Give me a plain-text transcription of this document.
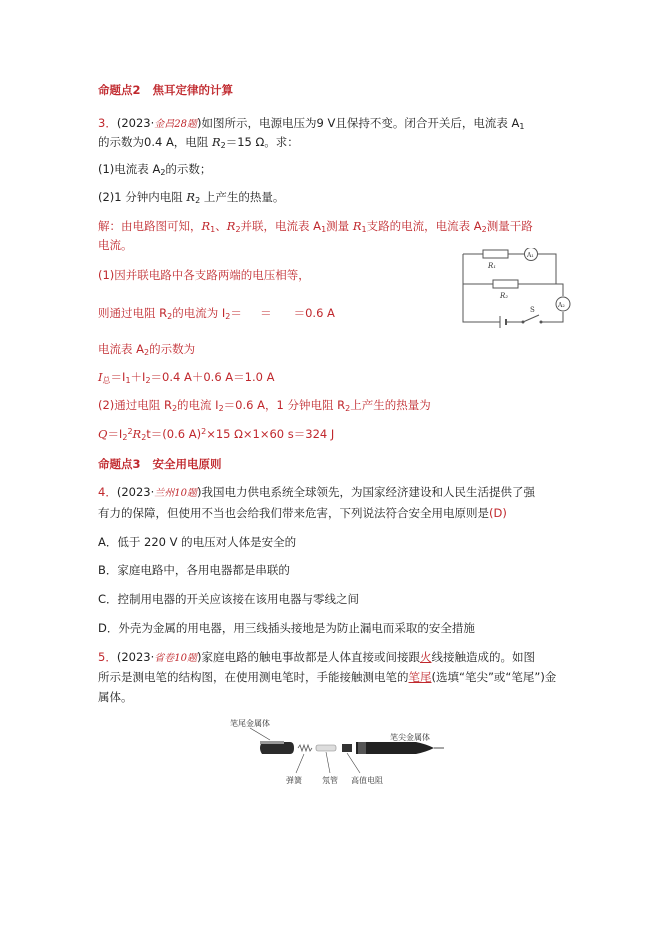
命题点2 焦耳定律的计算
3．(2023·金昌28题)如图所示，电源电压为9 V且保持不变。闭合开关后，电流表 $A_1$
的示数为0.4 A，电阻 $R_2=15$ Ω。求：
(1)电流表 $A_2$的示数；
(2)1 分钟内电阻 $R_2$ 上产生的热量。
解：由电路图可知，$R_1$、$R_2$并联，电流表 $A_1$测量 $R_1$支路的电流，电流表 $A_2$测量干路
电流。
(1)因并联电路中各支路两端的电压相等，
则通过电阻 $R_2$的电流为 $I_2= = =0.6$ A
电流表 $A_2$的示数为
$I_总=I_1+I_2=0.4$ A＋0.6 A＝1.0 A
(2)通过电阻 $R_2$的电流 $I_2=0.6$ A，1 分钟电阻 $R_2$上产生的热量为
$Q=I_2^2R_2t=(0.6$ A)$^2$×15 Ω×1×60 s＝324 J
R₁
A₁
R₂
A₂
S
命题点3 安全用电原则
4．(2023·兰州10题)我国电力供电系统全球领先，为国家经济建设和人民生活提供了强
有力的保障，但使用不当也会给我们带来危害，下列说法符合安全用电原则是(D)
A．低于 220 V 的电压对人体是安全的
B．家庭电路中，各用电器都是串联的
C．控制用电器的开关应该接在该用电器与零线之间
D．外壳为金属的用电器，用三线插头接地是为防止漏电而采取的安全措施
5．(2023·省卷10题)家庭电路的触电事故都是人体直接或间接跟火线接触造成的。如图
所示是测电笔的结构图，在使用测电笔时，手能接触测电笔的笔尾(选填“笔尖”或“笔尾”)金
属体。
笔尾金属体
笔尖金属体
弹簧	氖管 高值电阻
